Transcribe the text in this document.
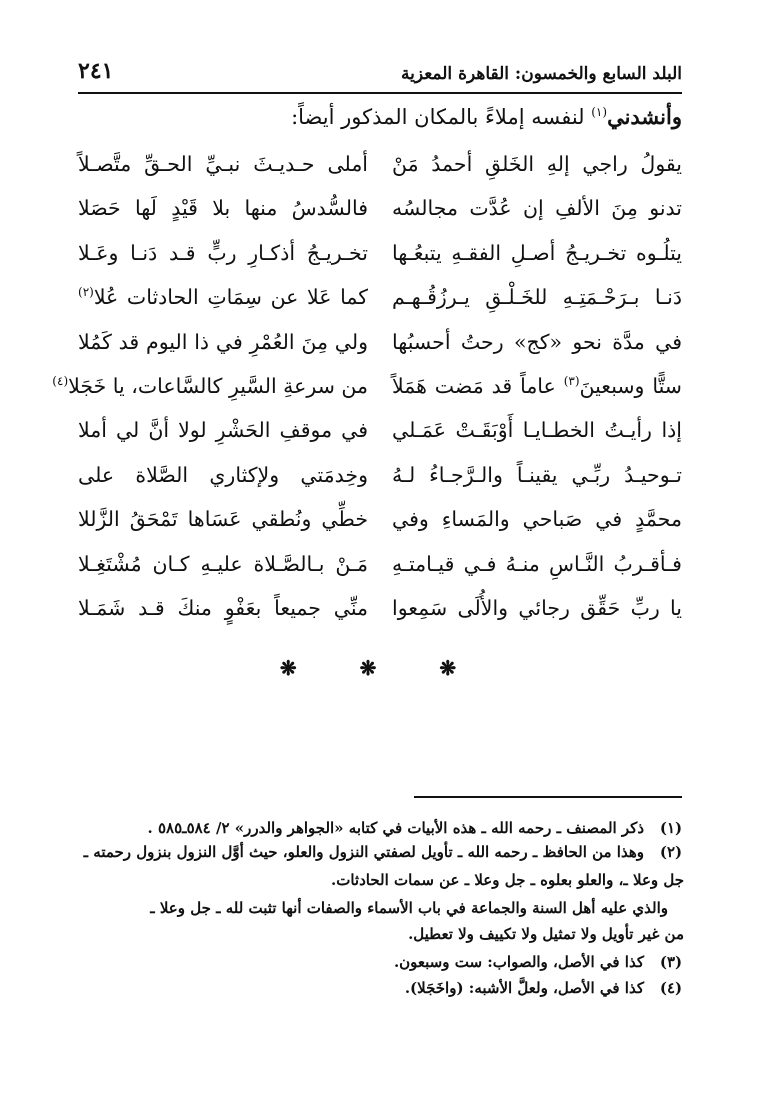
البلد السابع والخمسون: القاهرة المعزية
٢٤١
وأنشدني$^{(١)}$ لنفسه إملاءً بالمكان المذكور أيضاً:
يقولُ راجي إلهِ الخَلقِ أحمدُ مَنْ
أملى حـديـثَ نبـيِّ الحـقِّ متَّصـلاً
تدنو مِنَ الألفِ إن عُدَّت مجالسُه
فالسُّدسُ منها بلا قَيْدٍ لَها حَصَلا
يتلُـوه تخـريـجُ أصـلِ الفقـهِ يتبعُـها
تخـريـجُ أذكـارِ ربٍّ قـد دَنـا وعَـلا
دَنـا بـرَحْـمَتِـهِ للخَـلْـقِ يـرزُقُـهـم
كما عَلا عن سِمَاتِ الحادثات عُلا$^{(٢)}$
في مدَّة نحو «كج» رحتُ أحسبُها
ولي مِنَ العُمْرِ في ذا اليوم قد كَمُلا
ستًّا وسبعينَ$^{(٣)}$ عاماً قد مَضت هَمَلاً
من سرعةِ السَّيرِ كالسَّاعات، يا خَجَلا$^{(٤)}$
إذا رأيـتُ الخطـايـا أَوْبَقَـتْ عَمَـلي
في موقفِ الحَشْرِ لولا أنَّ لي أملا
تـوحيـدُ ربِّـي يقينـاً والـرَّجـاءُ لـهُ
وخِدمَتي ولإكثاري الصَّلاة على
محمَّدٍ في صَباحي والمَساءِ وفي
خطِّي ونُطقي عَسَاها تَمْحَقُ الزَّللا
فـأقـربُ النَّـاسِ منـهُ فـي قيـامتـهِ
مَـنْ بـالصَّـلاة عليـهِ كـان مُشْتَغِـلا
يا ربِّ حَقِّق رجائي والأُلَى سَمِعوا
منِّي جميعاً بعَفْوٍ منكَ قـد شَمَـلا
❋ ❋ ❋
(١)
ذكر المصنف ـ رحمه الله ـ هذه الأبيات في كتابه «الجواهر والدرر» ٢/ ٥٨٤ـ٥٨٥ .
(٢)
وهذا من الحافظ ـ رحمه الله ـ تأويل لصفتي النزول والعلو، حيث أوَّل النزول بنزول رحمته ـ
جل وعلا ـ، والعلو بعلوه ـ جل وعلا ـ عن سمات الحادثات.
والذي عليه أهل السنة والجماعة في باب الأسماء والصفات أنها تثبت لله ـ جل وعلا ـ
من غير تأويل ولا تمثيل ولا تكييف ولا تعطيل.
(٣)
كذا في الأصل، والصواب: ست وسبعون.
(٤)
كذا في الأصل، ولعلَّ الأشبه: (واخَجَلا).
